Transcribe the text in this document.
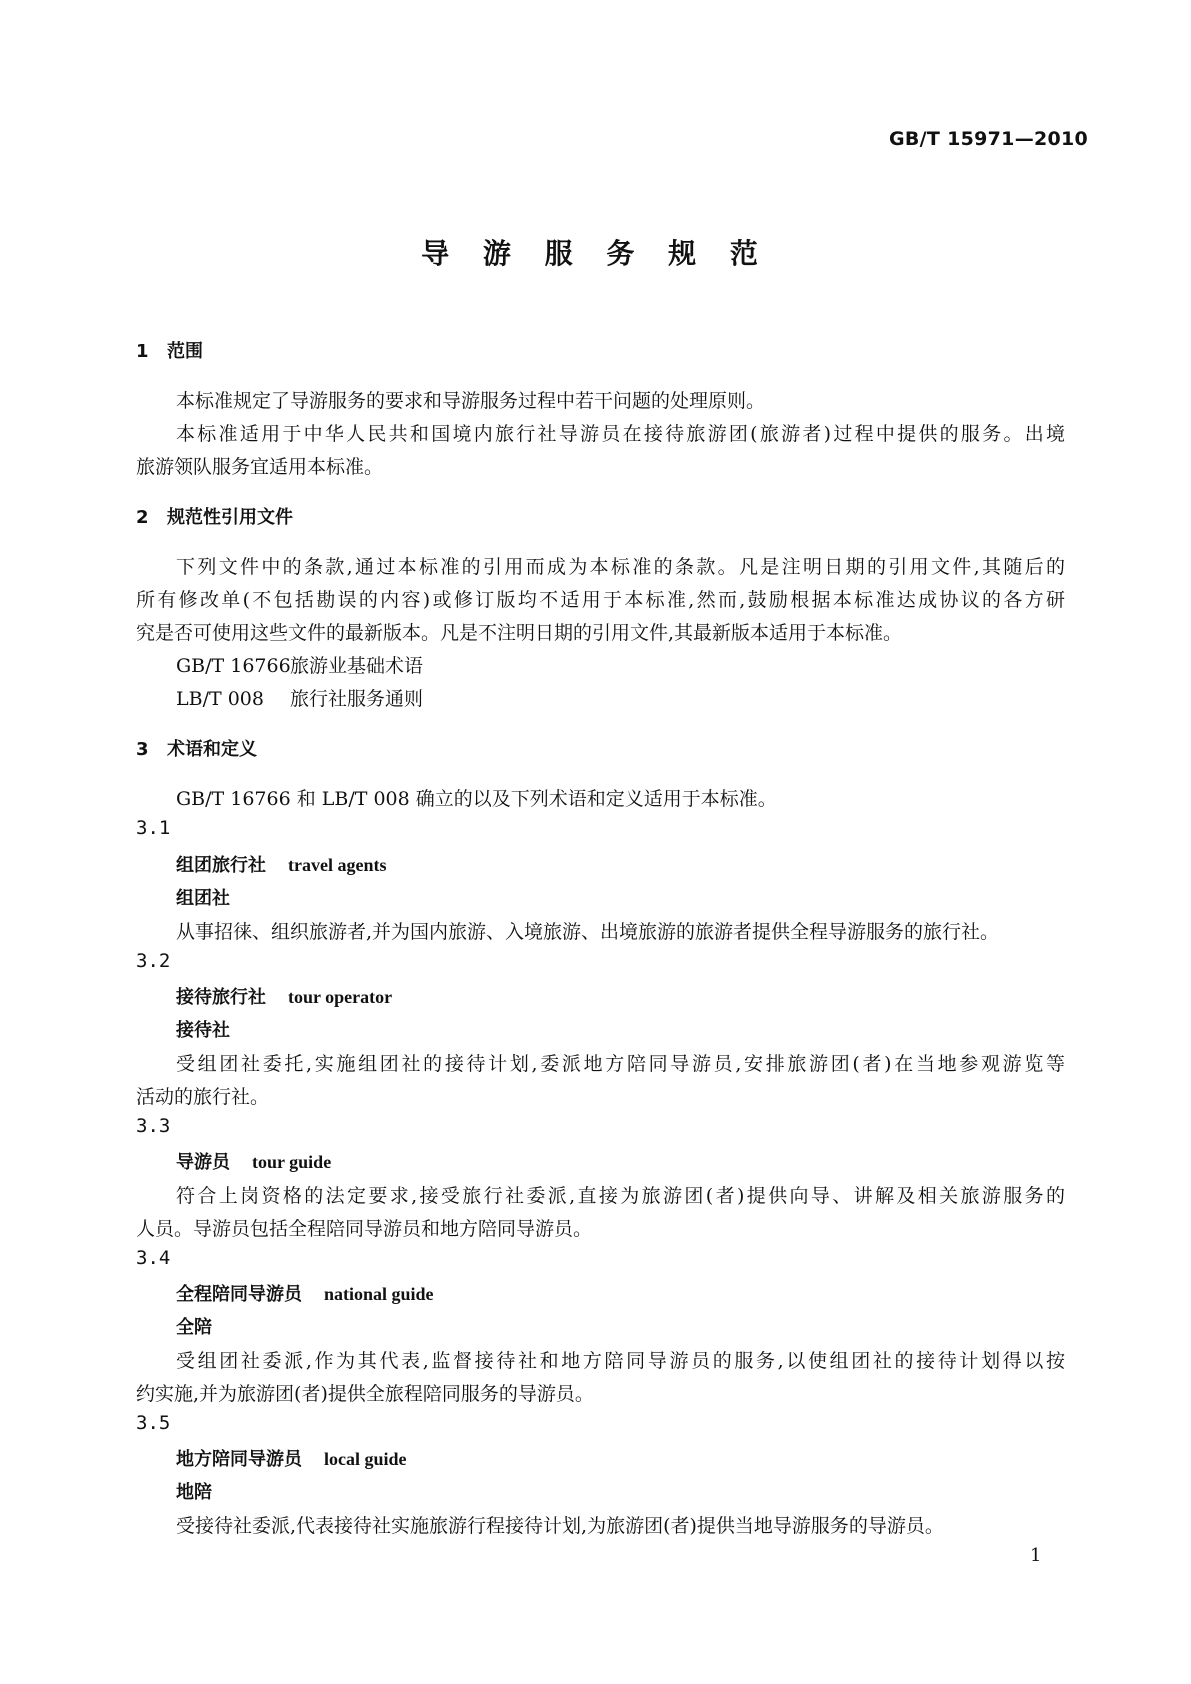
GB/T 15971—2010
导 游 服 务 规 范
1 范围
本标准规定了导游服务的要求和导游服务过程中若干问题的处理原则。
本标准适用于中华人民共和国境内旅行社导游员在接待旅游团(旅游者)过程中提供的服务。出境
旅游领队服务宜适用本标准。
2 规范性引用文件
下列文件中的条款,通过本标准的引用而成为本标准的条款。凡是注明日期的引用文件,其随后的
所有修改单(不包括勘误的内容)或修订版均不适用于本标准,然而,鼓励根据本标准达成协议的各方研
究是否可使用这些文件的最新版本。凡是不注明日期的引用文件,其最新版本适用于本标准。
GB/T 16766旅游业基础术语
LB/T 008 旅行社服务通则
3 术语和定义
GB/T 16766 和 LB/T 008 确立的以及下列术语和定义适用于本标准。
3.1
组团旅行社 travel agents
组团社
从事招徕、组织旅游者,并为国内旅游、入境旅游、出境旅游的旅游者提供全程导游服务的旅行社。
3.2
接待旅行社 tour operator
接待社
受组团社委托,实施组团社的接待计划,委派地方陪同导游员,安排旅游团(者)在当地参观游览等
活动的旅行社。
3.3
导游员 tour guide
符合上岗资格的法定要求,接受旅行社委派,直接为旅游团(者)提供向导、讲解及相关旅游服务的
人员。导游员包括全程陪同导游员和地方陪同导游员。
3.4
全程陪同导游员 national guide
全陪
受组团社委派,作为其代表,监督接待社和地方陪同导游员的服务,以使组团社的接待计划得以按
约实施,并为旅游团(者)提供全旅程陪同服务的导游员。
3.5
地方陪同导游员 local guide
地陪
受接待社委派,代表接待社实施旅游行程接待计划,为旅游团(者)提供当地导游服务的导游员。
1
